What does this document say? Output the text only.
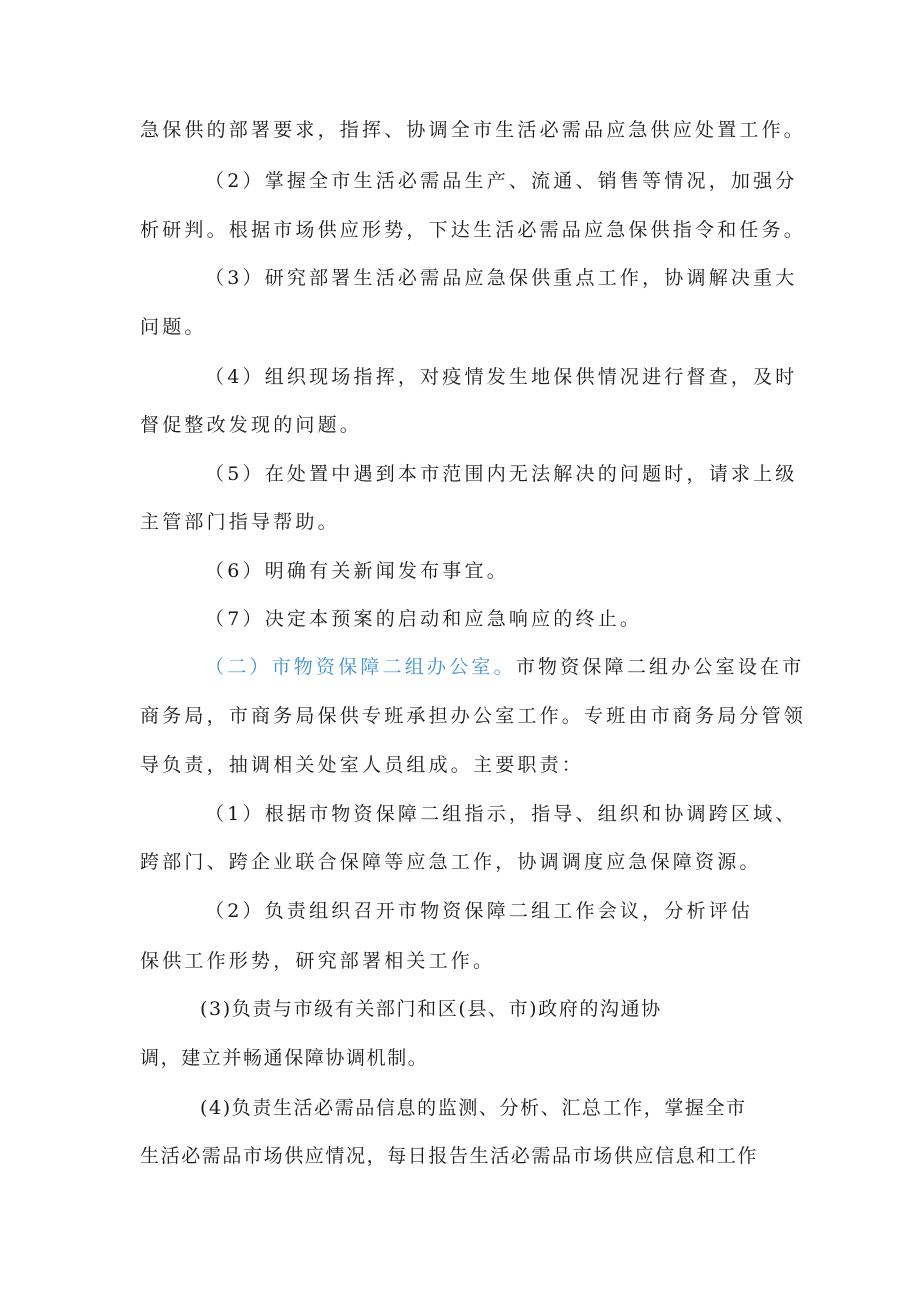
急保供的部署要求，指挥、协调全市生活必需品应急供应处置工作。
（2）掌握全市生活必需品生产、流通、销售等情况，加强分
析研判。根据市场供应形势，下达生活必需品应急保供指令和任务。
（3）研究部署生活必需品应急保供重点工作，协调解决重大
问题。
（4）组织现场指挥，对疫情发生地保供情况进行督查，及时
督促整改发现的问题。
（5）在处置中遇到本市范围内无法解决的问题时，请求上级
主管部门指导帮助。
（6）明确有关新闻发布事宜。
（7）决定本预案的启动和应急响应的终止。
（二）市物资保障二组办公室。市物资保障二组办公室设在市
商务局，市商务局保供专班承担办公室工作。专班由市商务局分管领
导负责，抽调相关处室人员组成。主要职责：
（1）根据市物资保障二组指示，指导、组织和协调跨区域、
跨部门、跨企业联合保障等应急工作，协调调度应急保障资源。
（2）负责组织召开市物资保障二组工作会议，分析评估
保供工作形势，研究部署相关工作。
(3)负责与市级有关部门和区(县、市)政府的沟通协
调，建立并畅通保障协调机制。
(4)负责生活必需品信息的监测、分析、汇总工作，掌握全市
生活必需品市场供应情况，每日报告生活必需品市场供应信息和工作
